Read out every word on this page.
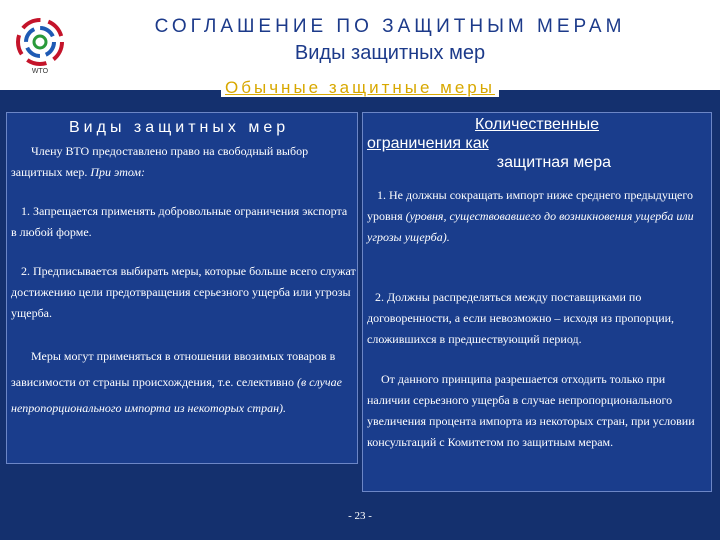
WTO
СОГЛАШЕНИЕ ПО ЗАЩИТНЫМ МЕРАМ
Виды защитных мер
Обычные защитные меры
Виды защитных мер
Члену ВТО предоставлено право на свободный выбор защитных мер. При этом:
1. Запрещается применять добровольные ограничения экспорта в любой форме.
2. Предписывается выбирать меры, которые больше всего служат достижению цели предотвращения серьезного ущерба или угрозы ущерба.
Меры могут применяться в отношении ввозимых товаров в зависимости от страны происхождения, т.е. селективно (в случае непропорционального импорта из некоторых стран).
Количественные
ограничения как
защитная мера
1. Не должны сокращать импорт ниже среднего предыдущего уровня (уровня, существовавшего до возникновения ущерба или угрозы ущерба).
2. Должны распределяться между поставщиками по договоренности, а если невозможно – исходя из пропорции, сложившихся в предшествующий период.
От данного принципа разрешается отходить только при наличии серьезного ущерба в случае непропорционального увеличения процента импорта из некоторых стран, при условии консультаций с Комитетом по защитным мерам.
- 23 -
